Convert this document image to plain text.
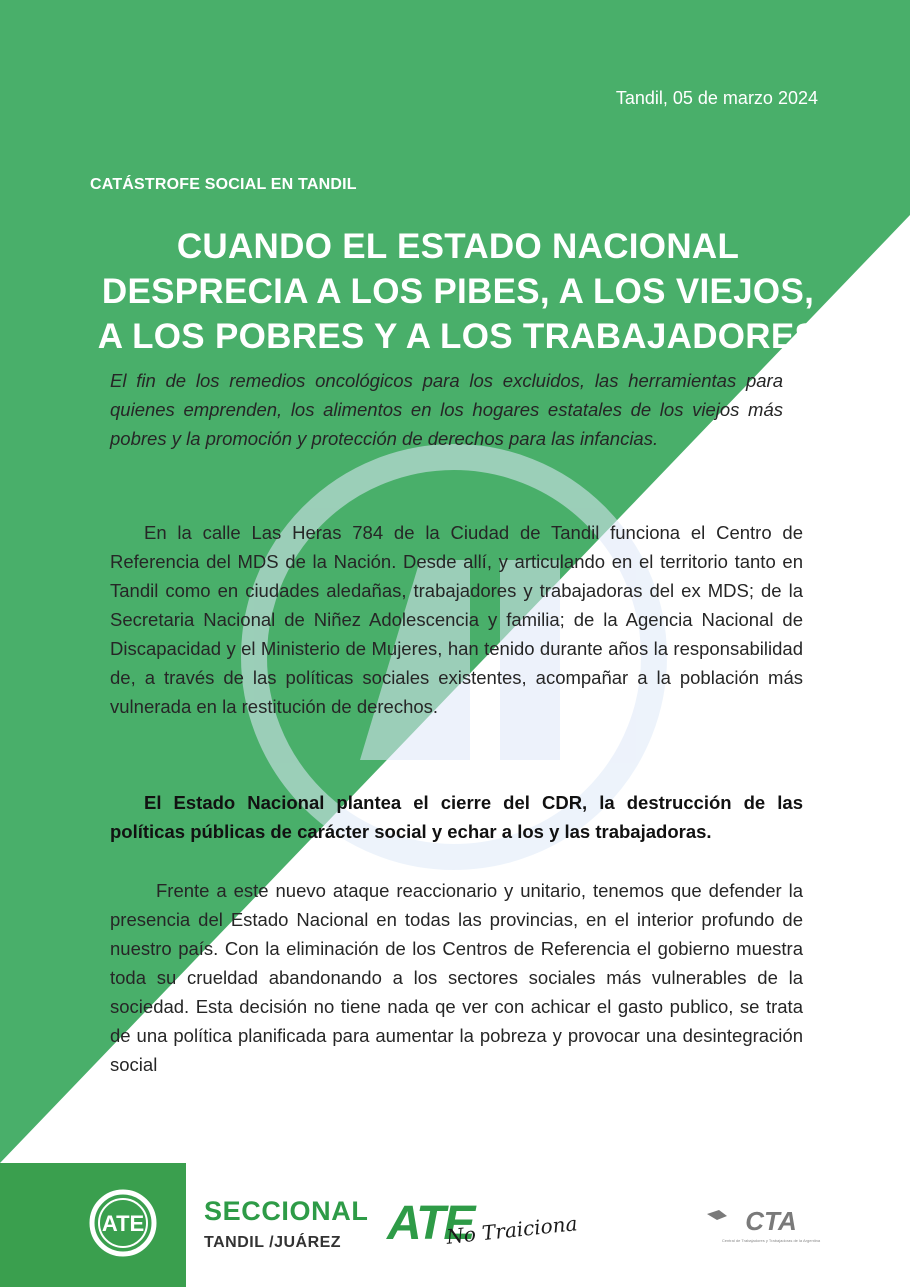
Tandil, 05 de marzo 2024
CATÁSTROFE SOCIAL EN TANDIL
CUANDO EL ESTADO NACIONAL
DESPRECIA A LOS PIBES, A LOS VIEJOS,
A LOS POBRES Y A LOS TRABAJADORES

El fin de los remedios oncológicos para los excluidos, las herramientas para quienes emprenden, los alimentos en los hogares estatales de los viejos más pobres y la promoción y protección de derechos para las infancias.

En la calle Las Heras 784 de la Ciudad de Tandil funciona el Centro de Referencia del MDS de la Nación. Desde allí, y articulando en el territorio tanto en Tandil como en ciudades aledañas, trabajadores y trabajadoras del ex MDS; de la Secretaria Nacional de Niñez Adolescencia y familia; de la Agencia Nacional de Discapacidad y el Ministerio de Mujeres, han tenido durante años la responsabilidad de, a través de las políticas sociales existentes, acompañar a la población más vulnerada en la restitución de derechos.

El Estado Nacional plantea el cierre del CDR, la destrucción de las políticas públicas de carácter social y echar a los y las trabajadoras.

Frente a este nuevo ataque reaccionario y unitario, tenemos que defender la presencia del Estado Nacional en todas las provincias, en el interior profundo de nuestro país. Con la eliminación de los Centros de Referencia el gobierno muestra toda su crueldad abandonando a los sectores sociales más vulnerables de la sociedad. Esta decisión no tiene nada qe ver con achicar el gasto publico, se trata de una política planificada para aumentar la pobreza y provocar una desintegración social

ATE SECCIONAL
TANDIL /JUÁREZ ATE
No Traiciona	CTA
Central de Trabajadores y Trabajadoras de la Argentina
